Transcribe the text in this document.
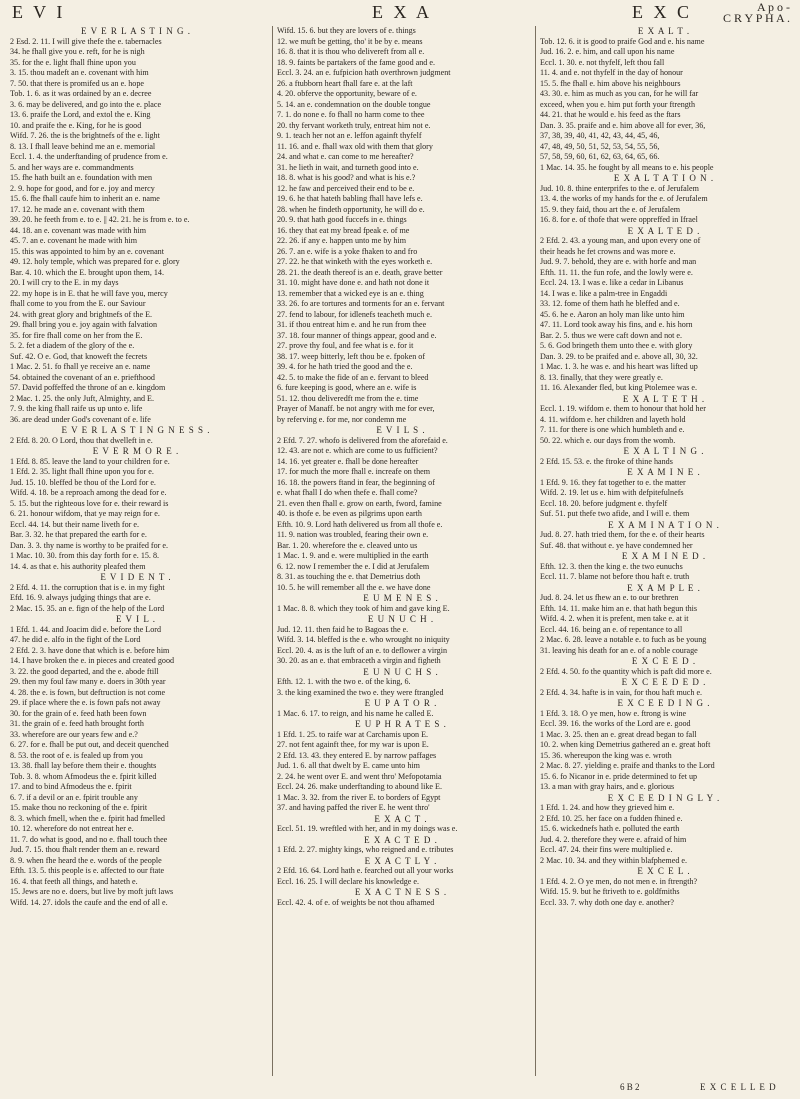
E V I	E X A	E X C	A p o -
C R Y P H A .
E V E R L A S T I N G .
2 Esd. 2. 11. I will give thefe the e. tabernacles
34. he fhall give you e. reft, for he is nigh
35. for the e. light fhall fhine upon you
3. 15. thou madeft an e. covenant with him
7. 50. that there is promifed us an e. hope
Tob. 1. 6. as it was ordained by an e. decree
3. 6. may be delivered, and go into the e. place
13. 6. praife the Lord, and extol the e. King
10. and praife the e. King, for he is good
Wifd. 7. 26. the is the brightnefs of the e. light
8. 13. I fhall leave behind me an e. memorial
Eccl. 1. 4. the underftanding of prudence from e.
5. and her ways are e. commandments
15. fhe hath built an e. foundation with men
2. 9. hope for good, and for e. joy and mercy
15. 6. fhe fhall caufe him to inherit an e. name
17. 12. he made an e. covenant with them
39. 20. he feeth from e. to e. || 42. 21. he is from e. to e.
44. 18. an e. covenant was made with him
45. 7. an e. covenant he made with him
15. this was appointed to him by an e. covenant
49. 12. holy temple, which was prepared for e. glory
Bar. 4. 10. which the E. brought upon them, 14.
20. I will cry to the E. in my days
22. my hope is in E. that he will fave you, mercy
fhall come to you from the E. our Saviour
24. with great glory and brightnefs of the E.
29. fhall bring you e. joy again with falvation
35. for fire fhall come on her from the E.
5. 2. fet a diadem of the glory of the e.
Suf. 42. O e. God, that knoweft the fecrets
1 Mac. 2. 51. fo fhall ye receive an e. name
54. obtained the covenant of an e. priefthood
57. David poffeffed the throne of an e. kingdom
2 Mac. 1. 25. the only Juft, Almighty, and E.
7. 9. the king fhall raife us up unto e. life
36. are dead under God's covenant of e. life
E V E R L A S T I N G N E S S .
2 Efd. 8. 20. O Lord, thou that dwelleft in e.
E V E R M O R E .
1 Efd. 8. 85. leave the land to your children for e.
1 Efd. 2. 35. light fhall fhine upon you for e.
Jud. 15. 10. bleffed be thou of the Lord for e.
Wifd. 4. 18. be a reproach among the dead for e.
5. 15. but the righteous love for e. their reward is
6. 21. honour wifdom, that ye may reign for e.
Eccl. 44. 14. but their name liveth for e.
Bar. 3. 32. he that prepared the earth for e.
Dan. 3. 3. thy name is worthy to be praifed for e.
1 Mac. 10. 30. from this day forth for e. 15. 8.
14. 4. as that e. his authority pleafed them
E V I D E N T .
2 Efd. 4. 11. the corruption that is e. in my fight
Efd. 16. 9. always judging things that are e.
2 Mac. 15. 35. an e. fign of the help of the Lord
E V I L .
1 Efd. 1. 44. and Joacim did e. before the Lord
47. he did e. alfo in the fight of the Lord
2 Efd. 2. 3. have done that which is e. before him
14. I have broken the e. in pieces and created good
3. 22. the good departed, and the e. abode ftill
29. then my foul faw many e. doers in 30th year
4. 28. the e. is fown, but deftruction is not come
29. if place where the e. is fown pafs not away
30. for the grain of e. feed hath been fown
31. the grain of e. feed hath brought forth
33. wherefore are our years few and e.?
6. 27. for e. fhall be put out, and deceit quenched
8. 53. the root of e. is fealed up from you
13. 38. fhall lay before them their e. thoughts
Tob. 3. 8. whom Afmodeus the e. fpirit killed
17. and to bind Afmodeus the e. fpirit
6. 7. if a devil or an e. fpirit trouble any
15. make thou no reckoning of the e. fpirit
8. 3. which fmell, when the e. fpirit had fmelled
10. 12. wherefore do not entreat her e.
11. 7. do what is good, and no e. fhall touch thee
Jud. 7. 15. thou fhalt render them an e. reward
8. 9. when fhe heard the e. words of the people
Efth. 13. 5. this people is e. affected to our ftate
16. 4. that feeth all things, and hateth e.
15. Jews are no e. doers, but live by moft juft laws
Wifd. 14. 27. idols the caufe and the end of all e.
Wifd. 15. 6. but they are lovers of e. things
12. we muft be getting, tho' it be by e. means
16. 8. that it is thou who delivereft from all e.
18. 9. faints be partakers of the fame good and e.
Eccl. 3. 24. an e. fufpicion hath overthrown judgment
26. a ftubborn heart fhall fare e. at the laft
4. 20. obferve the opportunity, beware of e.
5. 14. an e. condemnation on the double tongue
7. 1. do none e. fo fhall no harm come to thee
20. thy fervant worketh truly, entreat him not e.
9. 1. teach her not an e. leffon againft thyfelf
11. 16. and e. fhall wax old with them that glory
24. and what e. can come to me hereafter?
31. he lieth in wait, and turneth good into e.
18. 8. what is his good? and what is his e.?
12. he faw and perceived their end to be e.
19. 6. he that hateth babling fhall have lefs e.
28. when he findeth opportunity, he will do e.
20. 9. that hath good fuccefs in e. things
16. they that eat my bread fpeak e. of me
22. 26. if any e. happen unto me by him
26. 7. an e. wife is a yoke fhaken to and fro
27. 22. he that winketh with the eyes worketh e.
28. 21. the death thereof is an e. death, grave better
31. 10. might have done e. and hath not done it
13. remember that a wicked eye is an e. thing
33. 26. fo are tortures and torments for an e. fervant
27. fend to labour, for idlenefs teacheth much e.
31. if thou entreat him e. and he run from thee
37. 18. four manner of things appear, good and e.
27. prove thy foul, and fee what is e. for it
38. 17. weep bitterly, left thou be e. fpoken of
39. 4. for he hath tried the good and the e.
42. 5. to make the fide of an e. fervant to bleed
6. fure keeping is good, where an e. wife is
51. 12. thou deliveredft me from the e. time
Prayer of Manaff. be not angry with me for ever,
by referving e. for me, nor condemn me
E V I L S .
2 Efd. 7. 27. whofo is delivered from the aforefaid e.
12. 43. are not e. which are come to us fufficient?
14. 16. yet greater e. fhall be done hereafter
17. for much the more fhall e. increafe on them
16. 18. the powers ftand in fear, the beginning of
e. what fhall I do when thefe e. fhall come?
21. even then fhall e. grow on earth, fword, famine
40. is thofe e. be even as pilgrims upon earth
Efth. 10. 9. Lord hath delivered us from all thofe e.
11. 9. nation was troubled, fearing their own e.
Bar. 1. 20. wherefore the e. cleaved unto us
1 Mac. 1. 9. and e. were multiplied in the earth
6. 12. now I remember the e. I did at Jerufalem
8. 31. as touching the e. that Demetrius doth
10. 5. he will remember all the e. we have done
E U M E N E S .
1 Mac. 8. 8. which they took of him and gave king E.
E U N U C H .
Jud. 12. 11. then faid he to Bagoas the e.
Wifd. 3. 14. bleffed is the e. who wrought no iniquity
Eccl. 20. 4. as is the luft of an e. to deflower a virgin
30. 20. as an e. that embraceth a virgin and figheth
E U N U C H S .
Efth. 12. 1. with the two e. of the king, 6.
3. the king examined the two e. they were ftrangled
E U P A T O R .
1 Mac. 6. 17. to reign, and his name he called E.
E U P H R A T E S .
1 Efd. 1. 25. to raife war at Carchamis upon E.
27. not fent againft thee, for my war is upon E.
2 Efd. 13. 43. they entered E. by narrow paffages
Jud. 1. 6. all that dwelt by E. came unto him
2. 24. he went over E. and went thro' Mefopotamia
Eccl. 24. 26. make underftanding to abound like E.
1 Mac. 3. 32. from the river E. to borders of Egypt
37. and having paffed the river E. he went thro'
E X A C T .
Eccl. 51. 19. wreftled with her, and in my doings was e.
E X A C T E D .
1 Efd. 2. 27. mighty kings, who reigned and e. tributes
E X A C T L Y .
2 Efd. 16. 64. Lord hath e. fearched out all your works
Eccl. 16. 25. I will declare his knowledge e.
E X A C T N E S S .
Eccl. 42. 4. of e. of weights be not thou afhamed
E X A L T .
Tob. 12. 6. it is good to praife God and e. his name
Jud. 16. 2. e. him, and call upon his name
Eccl. 1. 30. e. not thyfelf, left thou fall
11. 4. and e. not thyfelf in the day of honour
15. 5. fhe fhall e. him above his neighbours
43. 30. e. him as much as you can, for he will far
exceed, when you e. him put forth your ftrength
44. 21. that he would e. his feed as the ftars
Dan. 3. 35. praife and e. him above all for ever, 36,
37, 38, 39, 40, 41, 42, 43, 44, 45, 46,
47, 48, 49, 50, 51, 52, 53, 54, 55, 56,
57, 58, 59, 60, 61, 62, 63, 64, 65, 66.
1 Mac. 14. 35. he fought by all means to e. his people
E X A L T A T I O N .
Jud. 10. 8. thine enterprifes to the e. of Jerufalem
13. 4. the works of my hands for the e. of Jerufalem
15. 9. they faid, thou art the e. of Jerufalem
16. 8. for e. of thofe that were oppreffed in Ifrael
E X A L T E D .
2 Efd. 2. 43. a young man, and upon every one of
their heads he fet crowns and was more e.
Jud. 9. 7. behold, they are e. with horfe and man
Efth. 11. 11. the fun rofe, and the lowly were e.
Eccl. 24. 13. I was e. like a cedar in Libanus
14. I was e. like a palm-tree in Engaddi
33. 12. fome of them hath he bleffed and e.
45. 6. he e. Aaron an holy man like unto him
47. 11. Lord took away his fins, and e. his horn
Bar. 2. 5. thus we were caft down and not e.
5. 6. God bringeth them unto thee e. with glory
Dan. 3. 29. to be praifed and e. above all, 30, 32.
1 Mac. 1. 3. he was e. and his heart was lifted up
8. 13. finally, that they were greatly e.
11. 16. Alexander fled, but king Ptolemee was e.
E X A L T E T H .
Eccl. 1. 19. wifdom e. them to honour that hold her
4. 11. wifdom e. her children and layeth hold
7. 11. for there is one which humbleth and e.
50. 22. which e. our days from the womb.
E X A L T I N G .
2 Efd. 15. 53. e. the ftroke of thine hands
E X A M I N E .
1 Efd. 9. 16. they fat together to e. the matter
Wifd. 2. 19. let us e. him with defpitefulnefs
Eccl. 18. 20. before judgment e. thyfelf
Suf. 51. put thefe two afide, and I will e. them
E X A M I N A T I O N .
Jud. 8. 27. hath tried them, for the e. of their hearts
Suf. 48. that without e. ye have condemned her
E X A M I N E D .
Efth. 12. 3. then the king e. the two eunuchs
Eccl. 11. 7. blame not before thou haft e. truth
E X A M P L E .
Jud. 8. 24. let us fhew an e. to our brethren
Efth. 14. 11. make him an e. that hath begun this
Wifd. 4. 2. when it is prefent, men take e. at it
Eccl. 44. 16. being an e. of repentance to all
2 Mac. 6. 28. leave a notable e. to fuch as be young
31. leaving his death for an e. of a noble courage
E X C E E D .
2 Efd. 4. 50. fo the quantity which is paft did more e.
E X C E E D E D .
2 Efd. 4. 34. hafte is in vain, for thou haft much e.
E X C E E D I N G .
1 Efd. 3. 18. O ye men, how e. ftrong is wine
Eccl. 39. 16. the works of the Lord are e. good
1 Mac. 3. 25. then an e. great dread began to fall
10. 2. when king Demetrius gathered an e. great hoft
15. 36. whereupon the king was e. wroth
2 Mac. 8. 27. yielding e. praife and thanks to the Lord
15. 6. fo Nicanor in e. pride determined to fet up
13. a man with gray hairs, and e. glorious
E X C E E D I N G L Y .
1 Efd. 1. 24. and how they grieved him e.
2 Efd. 10. 25. her face on a fudden fhined e.
15. 6. wickednefs hath e. polluted the earth
Jud. 4. 2. therefore they were e. afraid of him
Eccl. 47. 24. their fins were multiplied e.
2 Mac. 10. 34. and they within blafphemed e.
E X C E L .
1 Efd. 4. 2. O ye men, do not men e. in ftrength?
Wifd. 15. 9. but he ftriveth to e. goldfmiths
Eccl. 33. 7. why doth one day e. another?
6 B 2	E X C E L L E D
